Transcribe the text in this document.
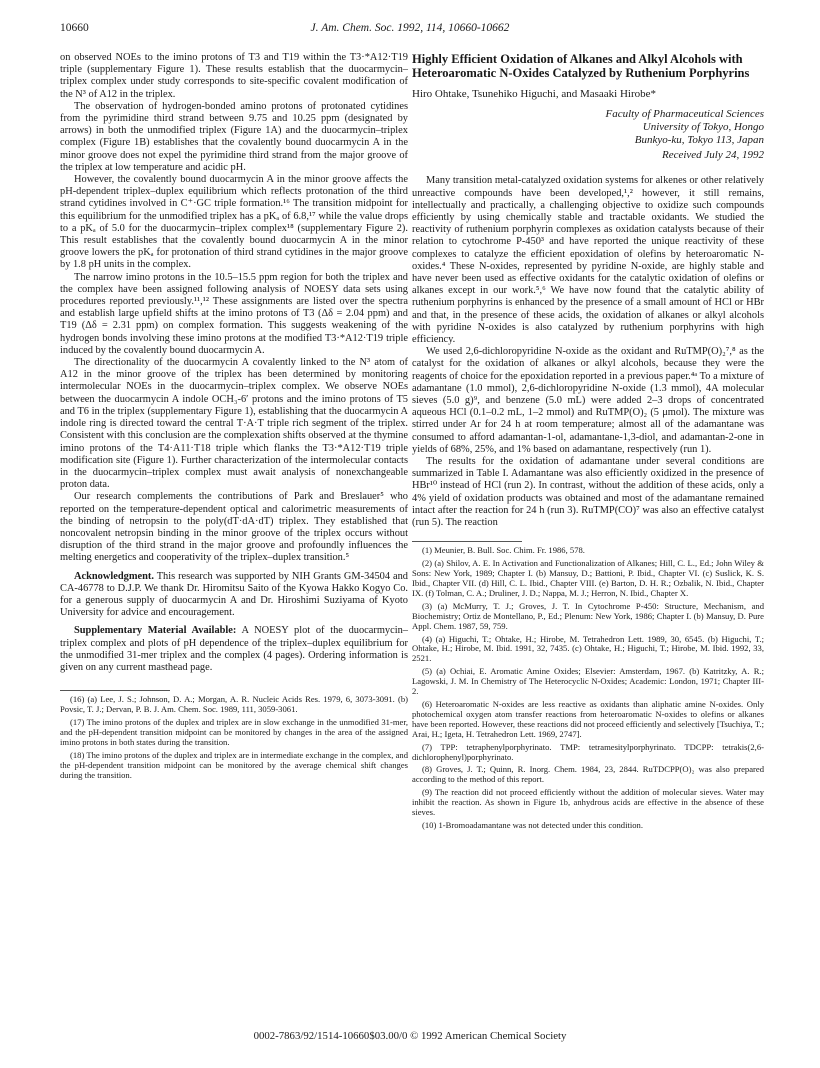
10660	J. Am. Chem. Soc. 1992, 114, 10660-10662

on observed NOEs to the imino protons of T3 and T19 within the T3·*A12·T19 triple (supplementary Figure 1). These results establish that the duocarmycin–triplex complex under study corresponds to site-specific covalent modification of the N³ of A12 in the triplex.

The observation of hydrogen-bonded amino protons of protonated cytidines from the pyrimidine third strand between 9.75 and 10.25 ppm (designated by arrows) in both the unmodified triplex (Figure 1A) and the duocarmycin–triplex complex (Figure 1B) establishes that the covalently bound duocarmycin A in the minor groove does not expel the pyrimidine third strand from the major groove of the triplex at low temperature and acidic pH.

However, the covalently bound duocarmycin A in the minor groove affects the pH-dependent triplex–duplex equilibrium which reflects protonation of the third strand cytidines involved in C⁺·GC triple formation.¹⁶ The transition midpoint for this equilibrium for the unmodified triplex has a pKₐ of 6.8,¹⁷ while the value drops to a pKₐ of 5.0 for the duocarmycin–triplex complex¹⁸ (supplementary Figure 2). This result establishes that the covalently bound duocarmycin A in the minor groove lowers the pKₐ for protonation of third strand cytidines in the major groove by 1.8 pH units in the complex.

The narrow imino protons in the 10.5–15.5 ppm region for both the triplex and the complex have been assigned following analysis of NOESY data sets using procedures reported previously.¹¹,¹² These assignments are listed over the spectra and establish large upfield shifts at the imino protons of T3 (Δδ = 2.04 ppm) and T19 (Δδ = 2.31 ppm) on complex formation. This suggests weakening of the hydrogen bonds involving these imino protons at the modified T3·*A12·T19 triple induced by the covalently bound duocarmycin A.

The directionality of the duocarmycin A covalently linked to the N³ atom of A12 in the minor groove of the triplex has been determined by monitoring intermolecular NOEs in the duocarmycin–triplex complex. We observe NOEs between the duocarmycin A indole OCH₃-6′ protons and the imino protons of T5 and T6 in the triplex (supplementary Figure 1), establishing that the duocarmycin A indole ring is directed toward the central T·A·T triple rich segment of the triplex. Consistent with this conclusion are the complexation shifts observed at the thymine imino protons of the T4·A11·T18 triple which flanks the T3·*A12·T19 triple modification site (Figure 1). Further characterization of the intermolecular contacts in the duocarmycin–triplex complex must await analysis of nonexchangeable proton data.

Our research complements the contributions of Park and Breslauer⁵ who reported on the temperature-dependent optical and calorimetric measurements of the binding of netropsin to the poly(dT·dA·dT) triplex. They established that noncovalent netropsin binding in the minor groove of the triplex occurs without disruption of the third strand in the major groove and profoundly influences the melting energetics and cooperativity of the triplex–duplex transition.⁵

Acknowledgment. This research was supported by NIH Grants GM-34504 and CA-46778 to D.J.P. We thank Dr. Hiromitsu Saito of the Kyowa Hakko Kogyo Co. for a generous supply of duocarmycin A and Dr. Hiroshimi Suziyama of Kyoto University for advice and encouragement.

Supplementary Material Available: A NOESY plot of the duocarmycin–triplex complex and plots of pH dependence of the triplex–duplex equilibrium for the unmodified 31-mer triplex and the complex (4 pages). Ordering information is given on any current masthead page.

(16) (a) Lee, J. S.; Johnson, D. A.; Morgan, A. R. Nucleic Acids Res. 1979, 6, 3073-3091. (b) Povsic, T. J.; Dervan, P. B. J. Am. Chem. Soc. 1989, 111, 3059-3061.

(17) The imino protons of the duplex and triplex are in slow exchange in the unmodified 31-mer, and the pH-dependent transition midpoint can be monitored by changes in the area of the assigned imino protons in both states during the transition.

(18) The imino protons of the duplex and triplex are in intermediate exchange in the complex, and the pH-dependent transition midpoint can be monitored by the average chemical shift changes during the transition.

Highly Efficient Oxidation of Alkanes and Alkyl Alcohols with Heteroaromatic N-Oxides Catalyzed by Ruthenium Porphyrins
Hiro Ohtake, Tsunehiko Higuchi, and Masaaki Hirobe*
Faculty of Pharmaceutical Sciences
University of Tokyo, Hongo
Bunkyo-ku, Tokyo 113, Japan
Received July 24, 1992

Many transition metal-catalyzed oxidation systems for alkenes or other relatively unreactive compounds have been developed,¹,² however, it still remains, intellectually and practically, a challenging objective to oxidize such compounds efficiently by using chemically stable and tractable oxidants. We studied the reactivity of ruthenium porphyrin complexes as oxidation catalysts because of their relation to cytochrome P-450³ and have reported the unique reactivity of these complexes to catalyze the efficient epoxidation of olefins by heteroaromatic N-oxides.⁴ These N-oxides, represented by pyridine N-oxide, are highly stable and have never been used as effective oxidants for the catalytic oxidation of olefins or alkanes except in our work.⁵,⁶ We have now found that the catalytic ability of ruthenium porphyrins is enhanced by the presence of a small amount of HCl or HBr and that, in the presence of these acids, the oxidation of alkanes or alkyl alcohols with pyridine N-oxides is also catalyzed by ruthenium porphyrins with high efficiency.

We used 2,6-dichloropyridine N-oxide as the oxidant and RuTMP(O)₂⁷,⁸ as the catalyst for the oxidation of alkanes or alkyl alcohols, because they were the reagents of choice for the epoxidation reported in a previous paper.⁴ᵃ To a mixture of adamantane (1.0 mmol), 2,6-dichloropyridine N-oxide (1.3 mmol), 4A molecular sieves (5.0 g)⁹, and benzene (5.0 mL) were added 2–3 drops of concentrated aqueous HCl (0.1–0.2 mL, 1–2 mmol) and RuTMP(O)₂ (5 μmol). The mixture was stirred under Ar for 24 h at room temperature; almost all of the adamantane was consumed to afford adamantan-1-ol, adamantane-1,3-diol, and adamantan-2-one in yields of 68%, 25%, and 1% based on adamantane, respectively (run 1).

The results for the oxidation of adamantane under several conditions are summarized in Table I. Adamantane was also efficiently oxidized in the presence of HBr¹⁰ instead of HCl (run 2). In contrast, without the addition of these acids, only a 4% yield of oxidation products was obtained and most of the adamantane remained intact after the reaction for 24 h (run 3). RuTMP(CO)⁷ was also an effective catalyst (run 5). The reaction

(1) Meunier, B. Bull. Soc. Chim. Fr. 1986, 578.

(2) (a) Shilov, A. E. In Activation and Functionalization of Alkanes; Hill, C. L., Ed.; John Wiley & Sons: New York, 1989; Chapter I. (b) Mansuy, D.; Battioni, P. Ibid., Chapter VI. (c) Suslick, K. S. Ibid., Chapter VII. (d) Hill, C. L. Ibid., Chapter VIII. (e) Barton, D. H. R.; Ozbalik, N. Ibid., Chapter IX. (f) Tolman, C. A.; Druliner, J. D.; Nappa, M. J.; Herron, N. Ibid., Chapter X.

(3) (a) McMurry, T. J.; Groves, J. T. In Cytochrome P-450: Structure, Mechanism, and Biochemistry; Ortiz de Montellano, P., Ed.; Plenum: New York, 1986; Chapter I. (b) Mansuy, D. Pure Appl. Chem. 1987, 59, 759.

(4) (a) Higuchi, T.; Ohtake, H.; Hirobe, M. Tetrahedron Lett. 1989, 30, 6545. (b) Higuchi, T.; Ohtake, H.; Hirobe, M. Ibid. 1991, 32, 7435. (c) Ohtake, H.; Higuchi, T.; Hirobe, M. Ibid. 1992, 33, 2521.

(5) (a) Ochiai, E. Aromatic Amine Oxides; Elsevier: Amsterdam, 1967. (b) Katritzky, A. R.; Lagowski, J. M. In Chemistry of The Heterocyclic N-Oxides; Academic: London, 1971; Chapter III-2.

(6) Heteroaromatic N-oxides are less reactive as oxidants than aliphatic amine N-oxides. Only photochemical oxygen atom transfer reactions from heteroaromatic N-oxides to olefins or alkanes have been reported. However, these reactions did not proceed efficiently and selectively [Tsuchiya, T.; Arai, H.; Igeta, H. Tetrahedron Lett. 1969, 2747].

(7) TPP: tetraphenylporphyrinato. TMP: tetramesitylporphyrinato. TDCPP: tetrakis(2,6-dichlorophenyl)porphyrinato.

(8) Groves, J. T.; Quinn, R. Inorg. Chem. 1984, 23, 2844. RuTDCPP(O)₂ was also prepared according to the method of this report.

(9) The reaction did not proceed efficiently without the addition of molecular sieves. Water may inhibit the reaction. As shown in Figure 1b, anhydrous acids are effective in the absence of these sieves.

(10) 1-Bromoadamantane was not detected under this condition.

0002-7863/92/1514-10660$03.00/0 © 1992 American Chemical Society
